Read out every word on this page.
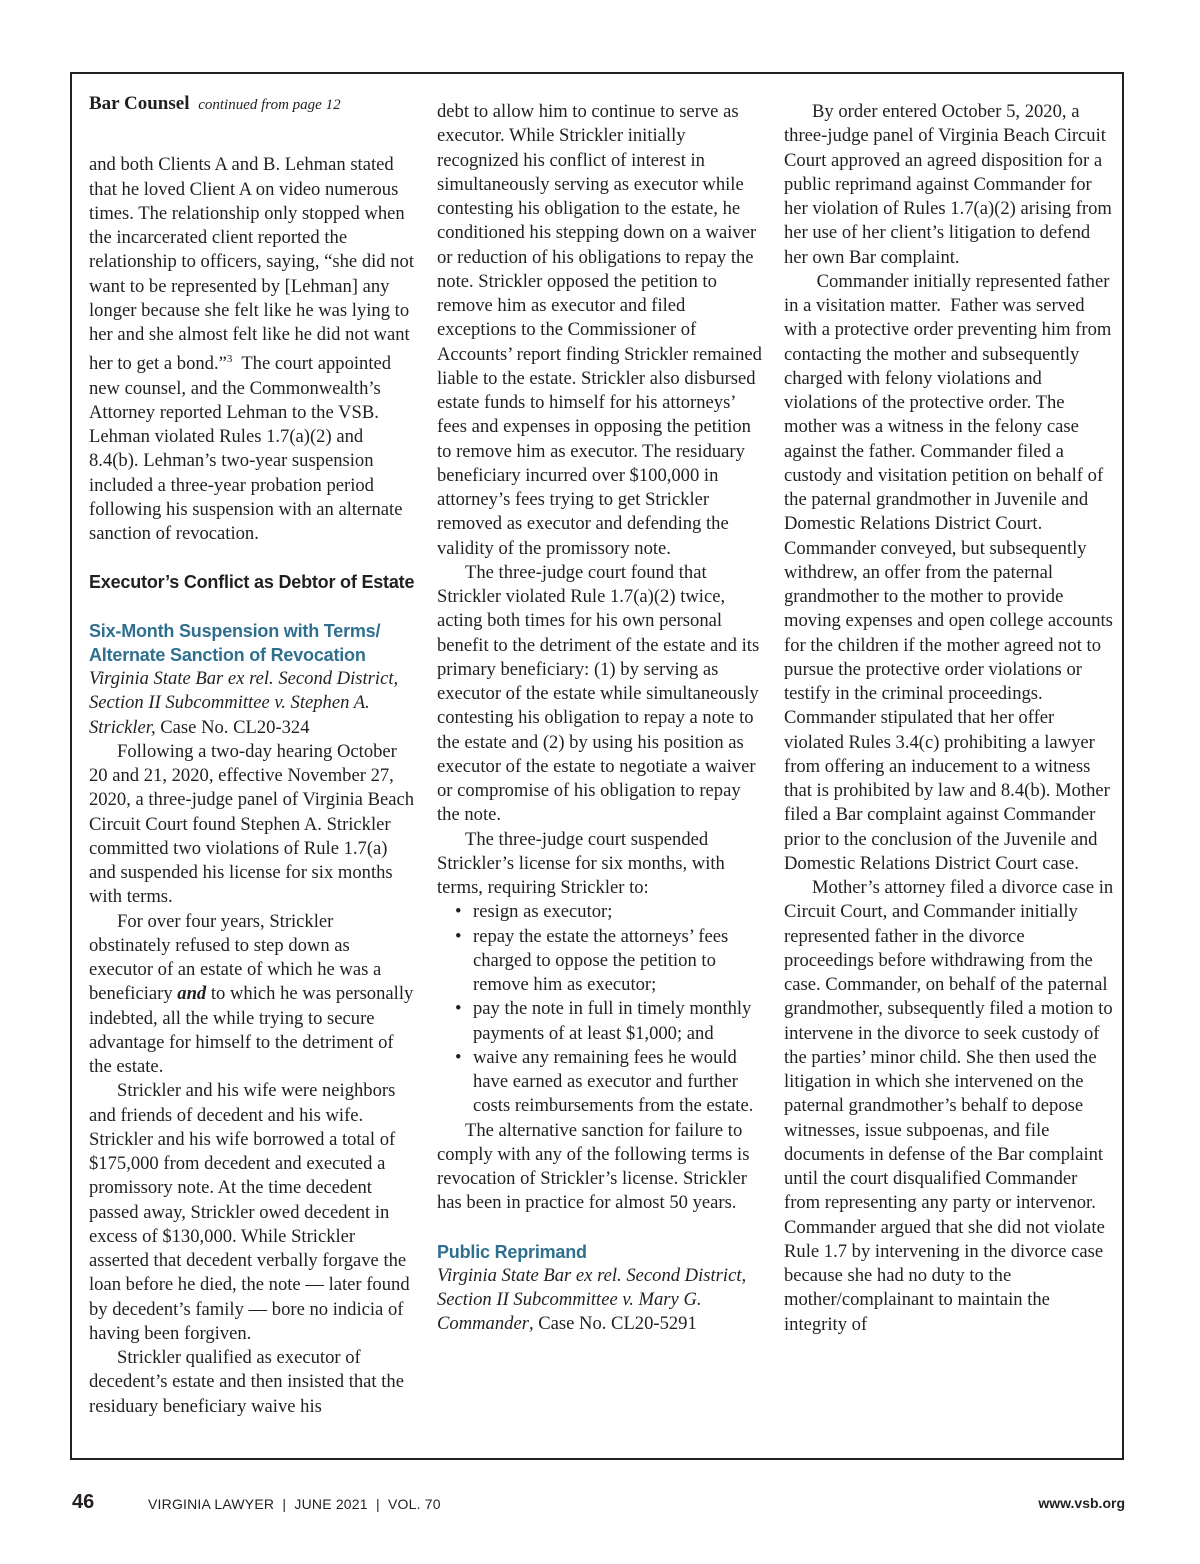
Bar Counsel continued from page 12

and both Clients A and B. Lehman stated that he loved Client A on video numerous times. The relationship only stopped when the incarcerated client reported the relationship to officers, saying, “she did not want to be represented by [Lehman] any longer because she felt like he was lying to her and she almost felt like he did not want her to get a bond.”$^3$  The court appointed new counsel, and the Commonwealth’s Attorney reported Lehman to the VSB. Lehman violated Rules 1.7(a)(2) and 8.4(b). Lehman’s two-year suspension included a three-year probation period following his suspension with an alternate sanction of revocation.

Executor’s Conflict as Debtor of Estate

Six-Month Suspension with Terms/
Alternate Sanction of Revocation

Virginia State Bar ex rel. Second District, Section II Subcommittee v. Stephen A. Strickler, Case No. CL20-324

Following a two-day hearing October 20 and 21, 2020, effective November 27, 2020, a three-judge panel of Virginia Beach Circuit Court found Stephen A. Strickler committed two violations of Rule 1.7(a) and suspended his license for six months with terms.

For over four years, Strickler obstinately refused to step down as executor of an estate of which he was a beneficiary and to which he was personally indebted, all the while trying to secure advantage for himself to the detriment of the estate.

Strickler and his wife were neighbors and friends of decedent and his wife. Strickler and his wife borrowed a total of $175,000 from decedent and executed a promissory note. At the time decedent passed away, Strickler owed decedent in excess of $130,000. While Strickler asserted that decedent verbally forgave the loan before he died, the note — later found by decedent’s family — bore no indicia of having been forgiven.

Strickler qualified as executor of decedent’s estate and then insisted that the residuary beneficiary waive his

debt to allow him to continue to serve as executor. While Strickler initially recognized his conflict of interest in simultaneously serving as executor while contesting his obligation to the estate, he conditioned his stepping down on a waiver or reduction of his obligations to repay the note. Strickler opposed the petition to remove him as executor and filed exceptions to the Commissioner of Accounts’ report finding Strickler remained liable to the estate. Strickler also disbursed estate funds to himself for his attorneys’ fees and expenses in opposing the petition to remove him as executor. The residuary beneficiary incurred over $100,000 in attorney’s fees trying to get Strickler removed as executor and defending the validity of the promissory note.

The three-judge court found that Strickler violated Rule 1.7(a)(2) twice, acting both times for his own personal benefit to the detriment of the estate and its primary beneficiary: (1) by serving as executor of the estate while simultaneously contesting his obligation to repay a note to the estate and (2) by using his position as executor of the estate to negotiate a waiver or compromise of his obligation to repay the note.

The three-judge court suspended Strickler’s license for six months, with terms, requiring Strickler to:

• resign as executor;
• repay the estate the attorneys’ fees charged to oppose the petition to remove him as executor;
• pay the note in full in timely monthly payments of at least $1,000; and
• waive any remaining fees he would have earned as executor and further costs reimbursements from the estate.

The alternative sanction for failure to comply with any of the following terms is revocation of Strickler’s license. Strickler has been in practice for almost 50 years.

Public Reprimand

Virginia State Bar ex rel. Second District, Section II Subcommittee v. Mary G. Commander, Case No. CL20-5291

By order entered October 5, 2020, a three-judge panel of Virginia Beach Circuit Court approved an agreed disposition for a public reprimand against Commander for her violation of Rules 1.7(a)(2) arising from her use of her client’s litigation to defend her own Bar complaint.

Commander initially represented father in a visitation matter.  Father was served with a protective order preventing him from contacting the mother and subsequently charged with felony violations and violations of the protective order. The mother was a witness in the felony case against the father. Commander filed a custody and visitation petition on behalf of the paternal grandmother in Juvenile and Domestic Relations District Court. Commander conveyed, but subsequently withdrew, an offer from the paternal grandmother to the mother to provide moving expenses and open college accounts for the children if the mother agreed not to pursue the protective order violations or testify in the criminal proceedings. Commander stipulated that her offer violated Rules 3.4(c) prohibiting a lawyer from offering an inducement to a witness that is prohibited by law and 8.4(b). Mother filed a Bar complaint against Commander prior to the conclusion of the Juvenile and Domestic Relations District Court case.

Mother’s attorney filed a divorce case in Circuit Court, and Commander initially represented father in the divorce proceedings before withdrawing from the case. Commander, on behalf of the paternal grandmother, subsequently filed a motion to intervene in the divorce to seek custody of the parties’ minor child. She then used the litigation in which she intervened on the paternal grandmother’s behalf to depose witnesses, issue subpoenas, and file documents in defense of the Bar complaint until the court disqualified Commander from representing any party or intervenor. Commander argued that she did not violate Rule 1.7 by intervening in the divorce case because she had no duty to the mother/complainant to maintain the integrity of

46	VIRGINIA LAWYER  |  JUNE 2021  |  VOL. 70	www.vsb.org
